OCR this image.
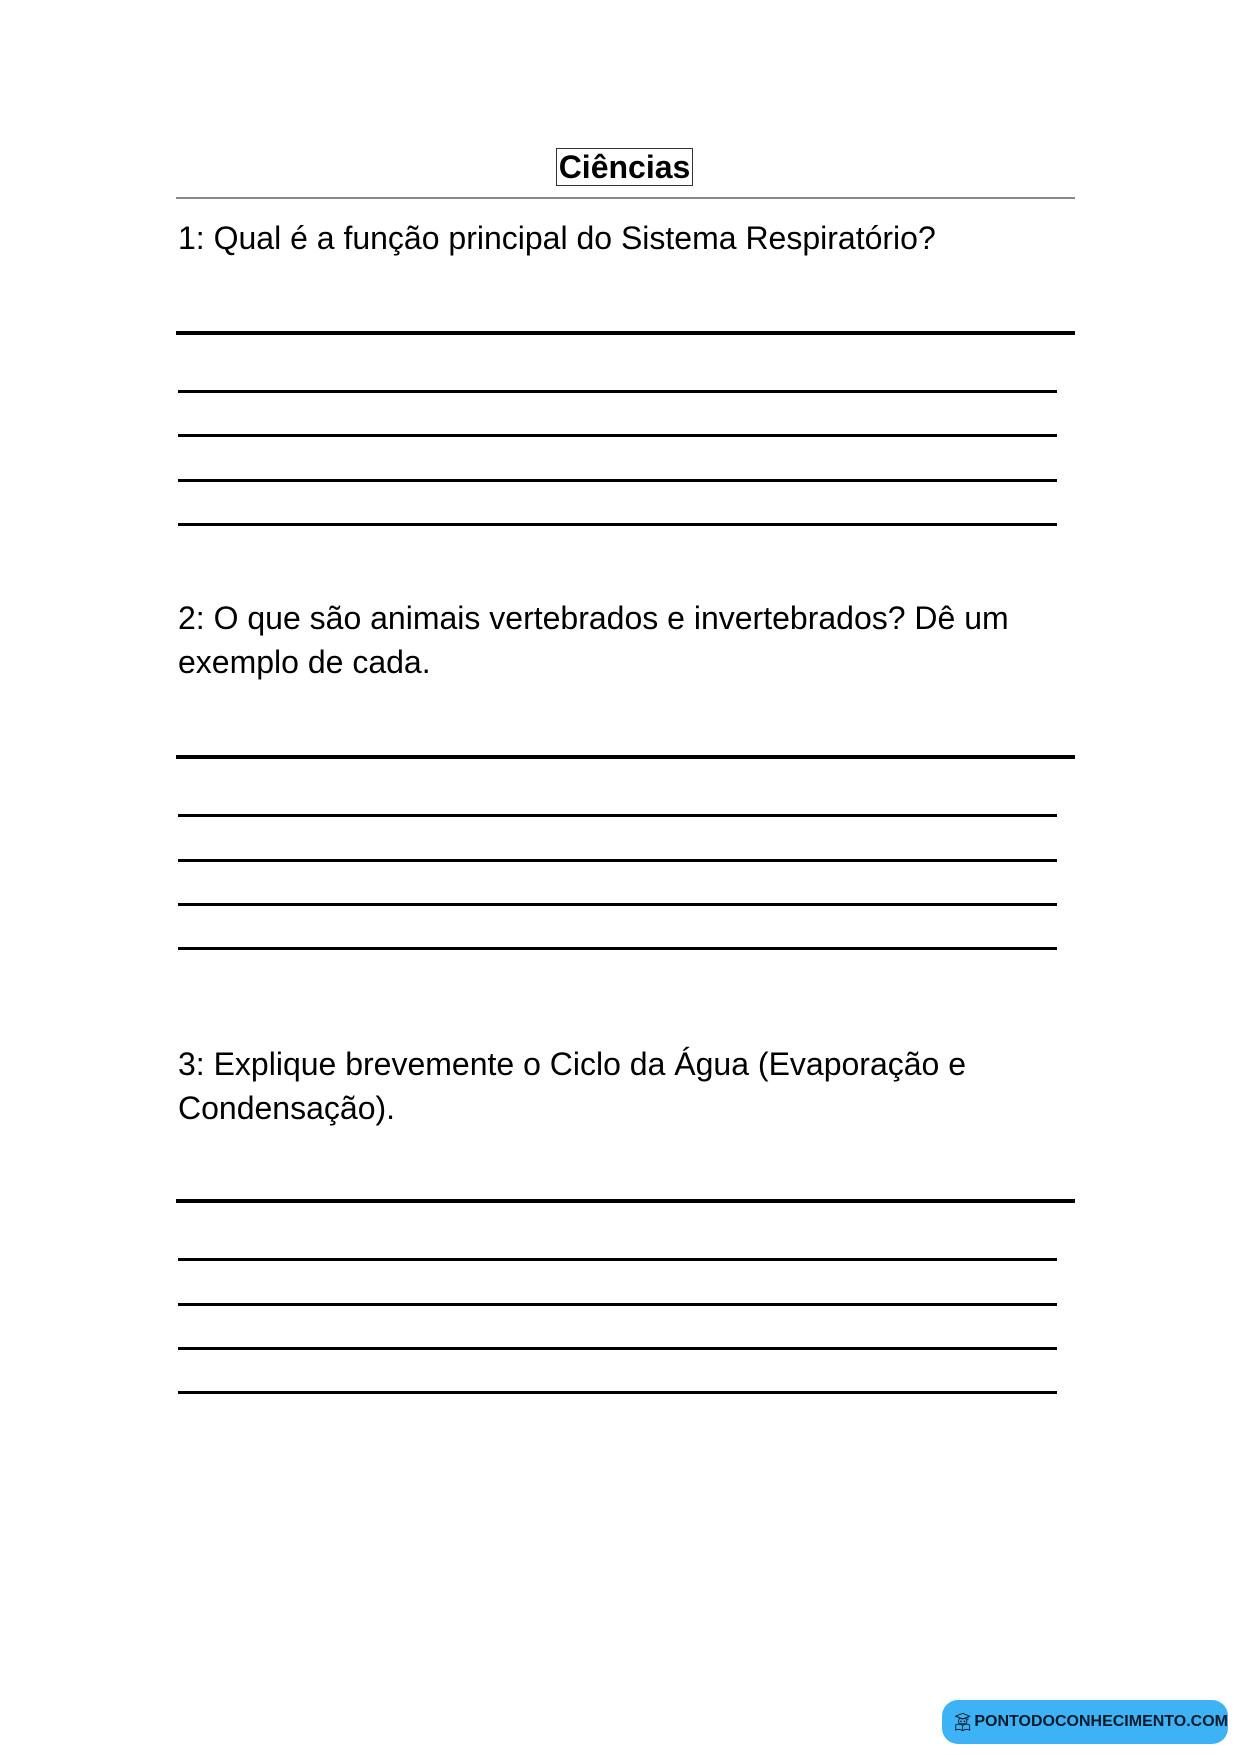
Ciências
1: Qual é a função principal do Sistema Respiratório?
2: O que são animais vertebrados e invertebrados? Dê um exemplo de cada.
3: Explique brevemente o Ciclo da Água (Evaporação e Condensação).
PONTODOCONHECIMENTO.COM
